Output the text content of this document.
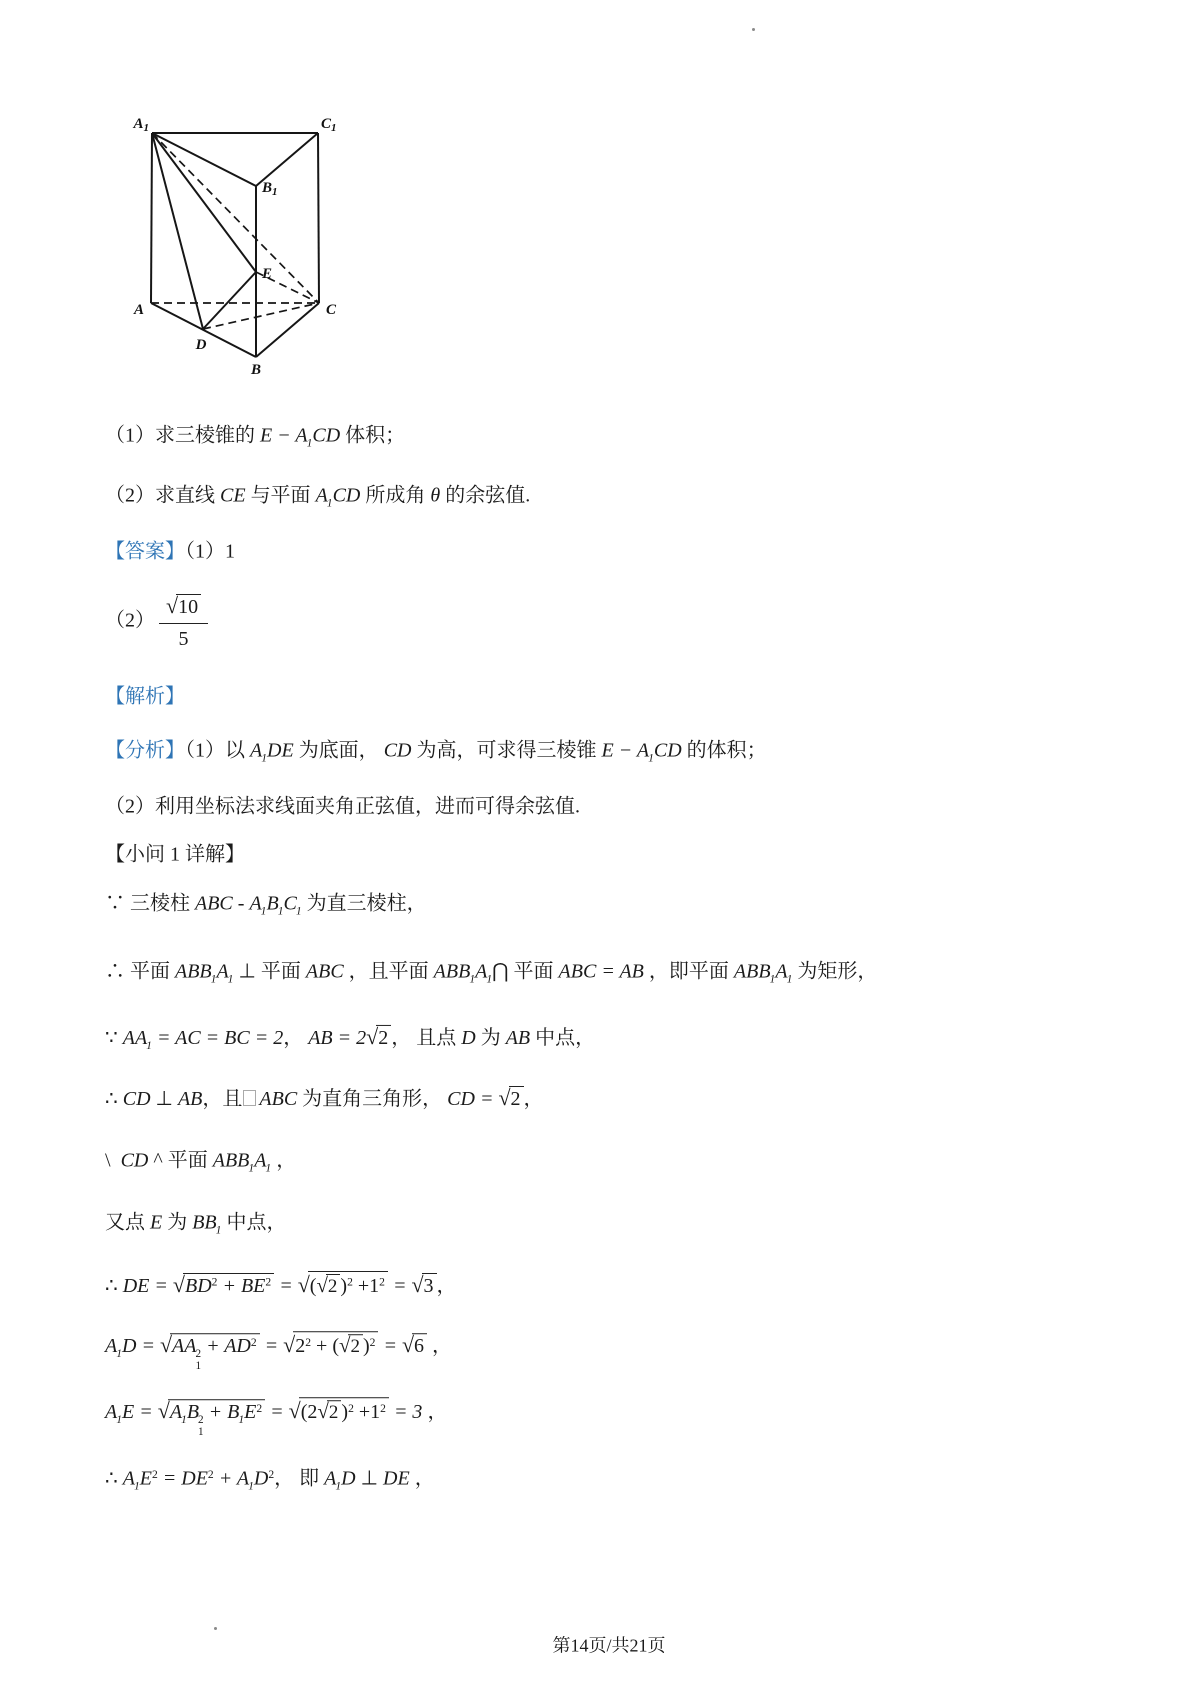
$A_1$	$C_1$
$B_1$
E
A	C
D
B
（1）求三棱锥的 $E - A_1CD$ 体积；
（2）求直线 CE 与平面 $A_1CD$ 所成角 θ 的余弦值.
【答案】（1）1
$(2) \frac{√10}{5}$
【解析】
【分析】（1）以 $A_1DE$ 为底面， CD 为高，可求得三棱锥 $E - A_1CD$ 的体积；
（2）利用坐标法求线面夹角正弦值，进而可得余弦值.
【小问 1 详解】
∵ 三棱柱 ABC - $A_1B_1C_1$ 为直三棱柱，
∴ 平面 $ABB_1A_1$ ⊥ 平面 ABC ，且平面 $ABB_1A_1⋂$ 平面 ABC = AB ，即平面 $ABB_1A_1$ 为矩形，
∵ $AA_1$ = AC = BC = 2， AB = 2√2 ， 且点 D 为 AB 中点，
∴ CD ⊥ AB，且 ABC 为直角三角形， CD = √2 ，
\  CD ^ 平面 $ABB_1A_1$ ，
又点 E 为 $BB_1$ 中点，
∴ DE = $√BD^2 + BE^2 = √(√2$ )$^2 +1^2 = √3$ ，
$A_1D = √AA$ 2
1
+ $AD^2 = √2^2 + (√2$ )$^2$ = √6 ，
$A_1E = √A_1B$ 2
1
+ $B_1E^2 = √(2√2$ )$^2 +1^2 = 3$ ，
∴ $A_1E^2 = DE^2 + A_1D^2$， 即 $A_1D$ ⊥ DE ，

第14页/共21页
